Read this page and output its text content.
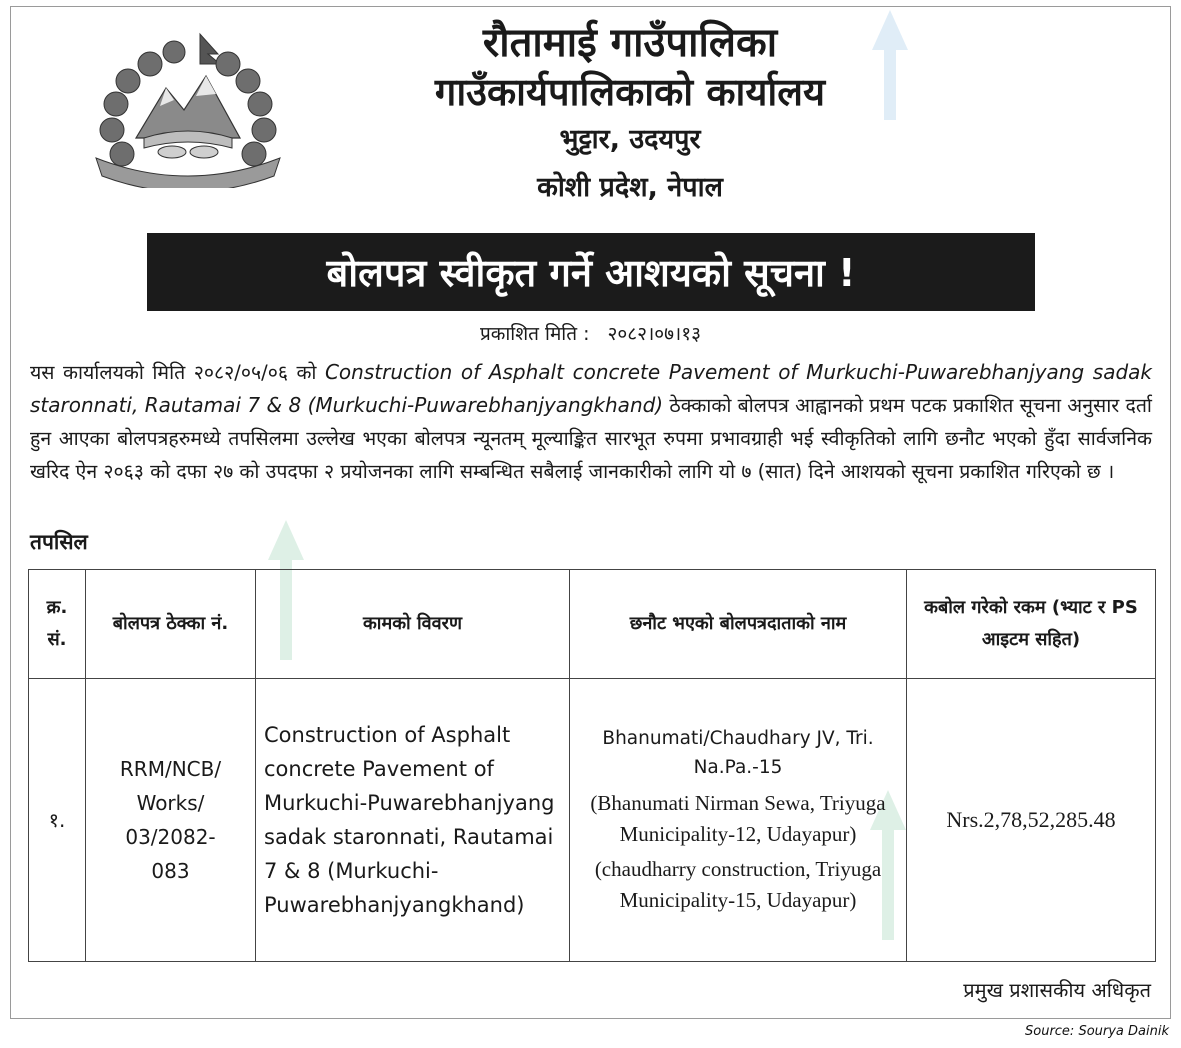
रौतामाई गाउँपालिका

गाउँकार्यपालिकाको कार्यालय

भुट्टार, उदयपुर

कोशी प्रदेश, नेपाल

बोलपत्र स्वीकृत गर्ने आशयको सूचना !
प्रकाशित मिति : २०८२।०७।१३
यस कार्यालयको मिति २०८२/०५/०६ को Construction of Asphalt concrete Pavement of Murkuchi-Puwarebhanjyang sadak staronnati, Rautamai 7 & 8 (Murkuchi-Puwarebhanjyangkhand) ठेक्काको बोलपत्र आह्वानको प्रथम पटक प्रकाशित सूचना अनुसार दर्ता हुन आएका बोलपत्रहरुमध्ये तपसिलमा उल्लेख भएका बोलपत्र न्यूनतम् मूल्याङ्कित सारभूत रुपमा प्रभावग्राही भई स्वीकृतिको लागि छनौट भएको हुँदा सार्वजनिक खरिद ऐन २०६३ को दफा २७ को उपदफा २ प्रयोजनका लागि सम्बन्धित सबैलाई जानकारीको लागि यो ७ (सात) दिने आशयको सूचना प्रकाशित गरिएको छ ।
तपसिल
क्र. सं.	बोलपत्र ठेक्का नं.	कामको विवरण	छनौट भएको बोलपत्रदाताको नाम	कबोल गरेको रकम (भ्याट र PS आइटम सहित)
१.	RRM/NCB/ Works/ 03/2082-083	Construction of Asphalt concrete Pavement of Murkuchi-Puwarebhanjyang sadak staronnati, Rautamai 7 & 8 (Murkuchi-Puwarebhanjyangkhand)	Bhanumati/Chaudhary JV, Tri. Na.Pa.-15
(Bhanumati Nirman Sewa, Triyuga Municipality-12, Udayapur)
(chaudharry construction, Triyuga Municipality-15, Udayapur)	Nrs.2,78,52,285.48
प्रमुख प्रशासकीय अधिकृत
Source: Sourya Dainik
